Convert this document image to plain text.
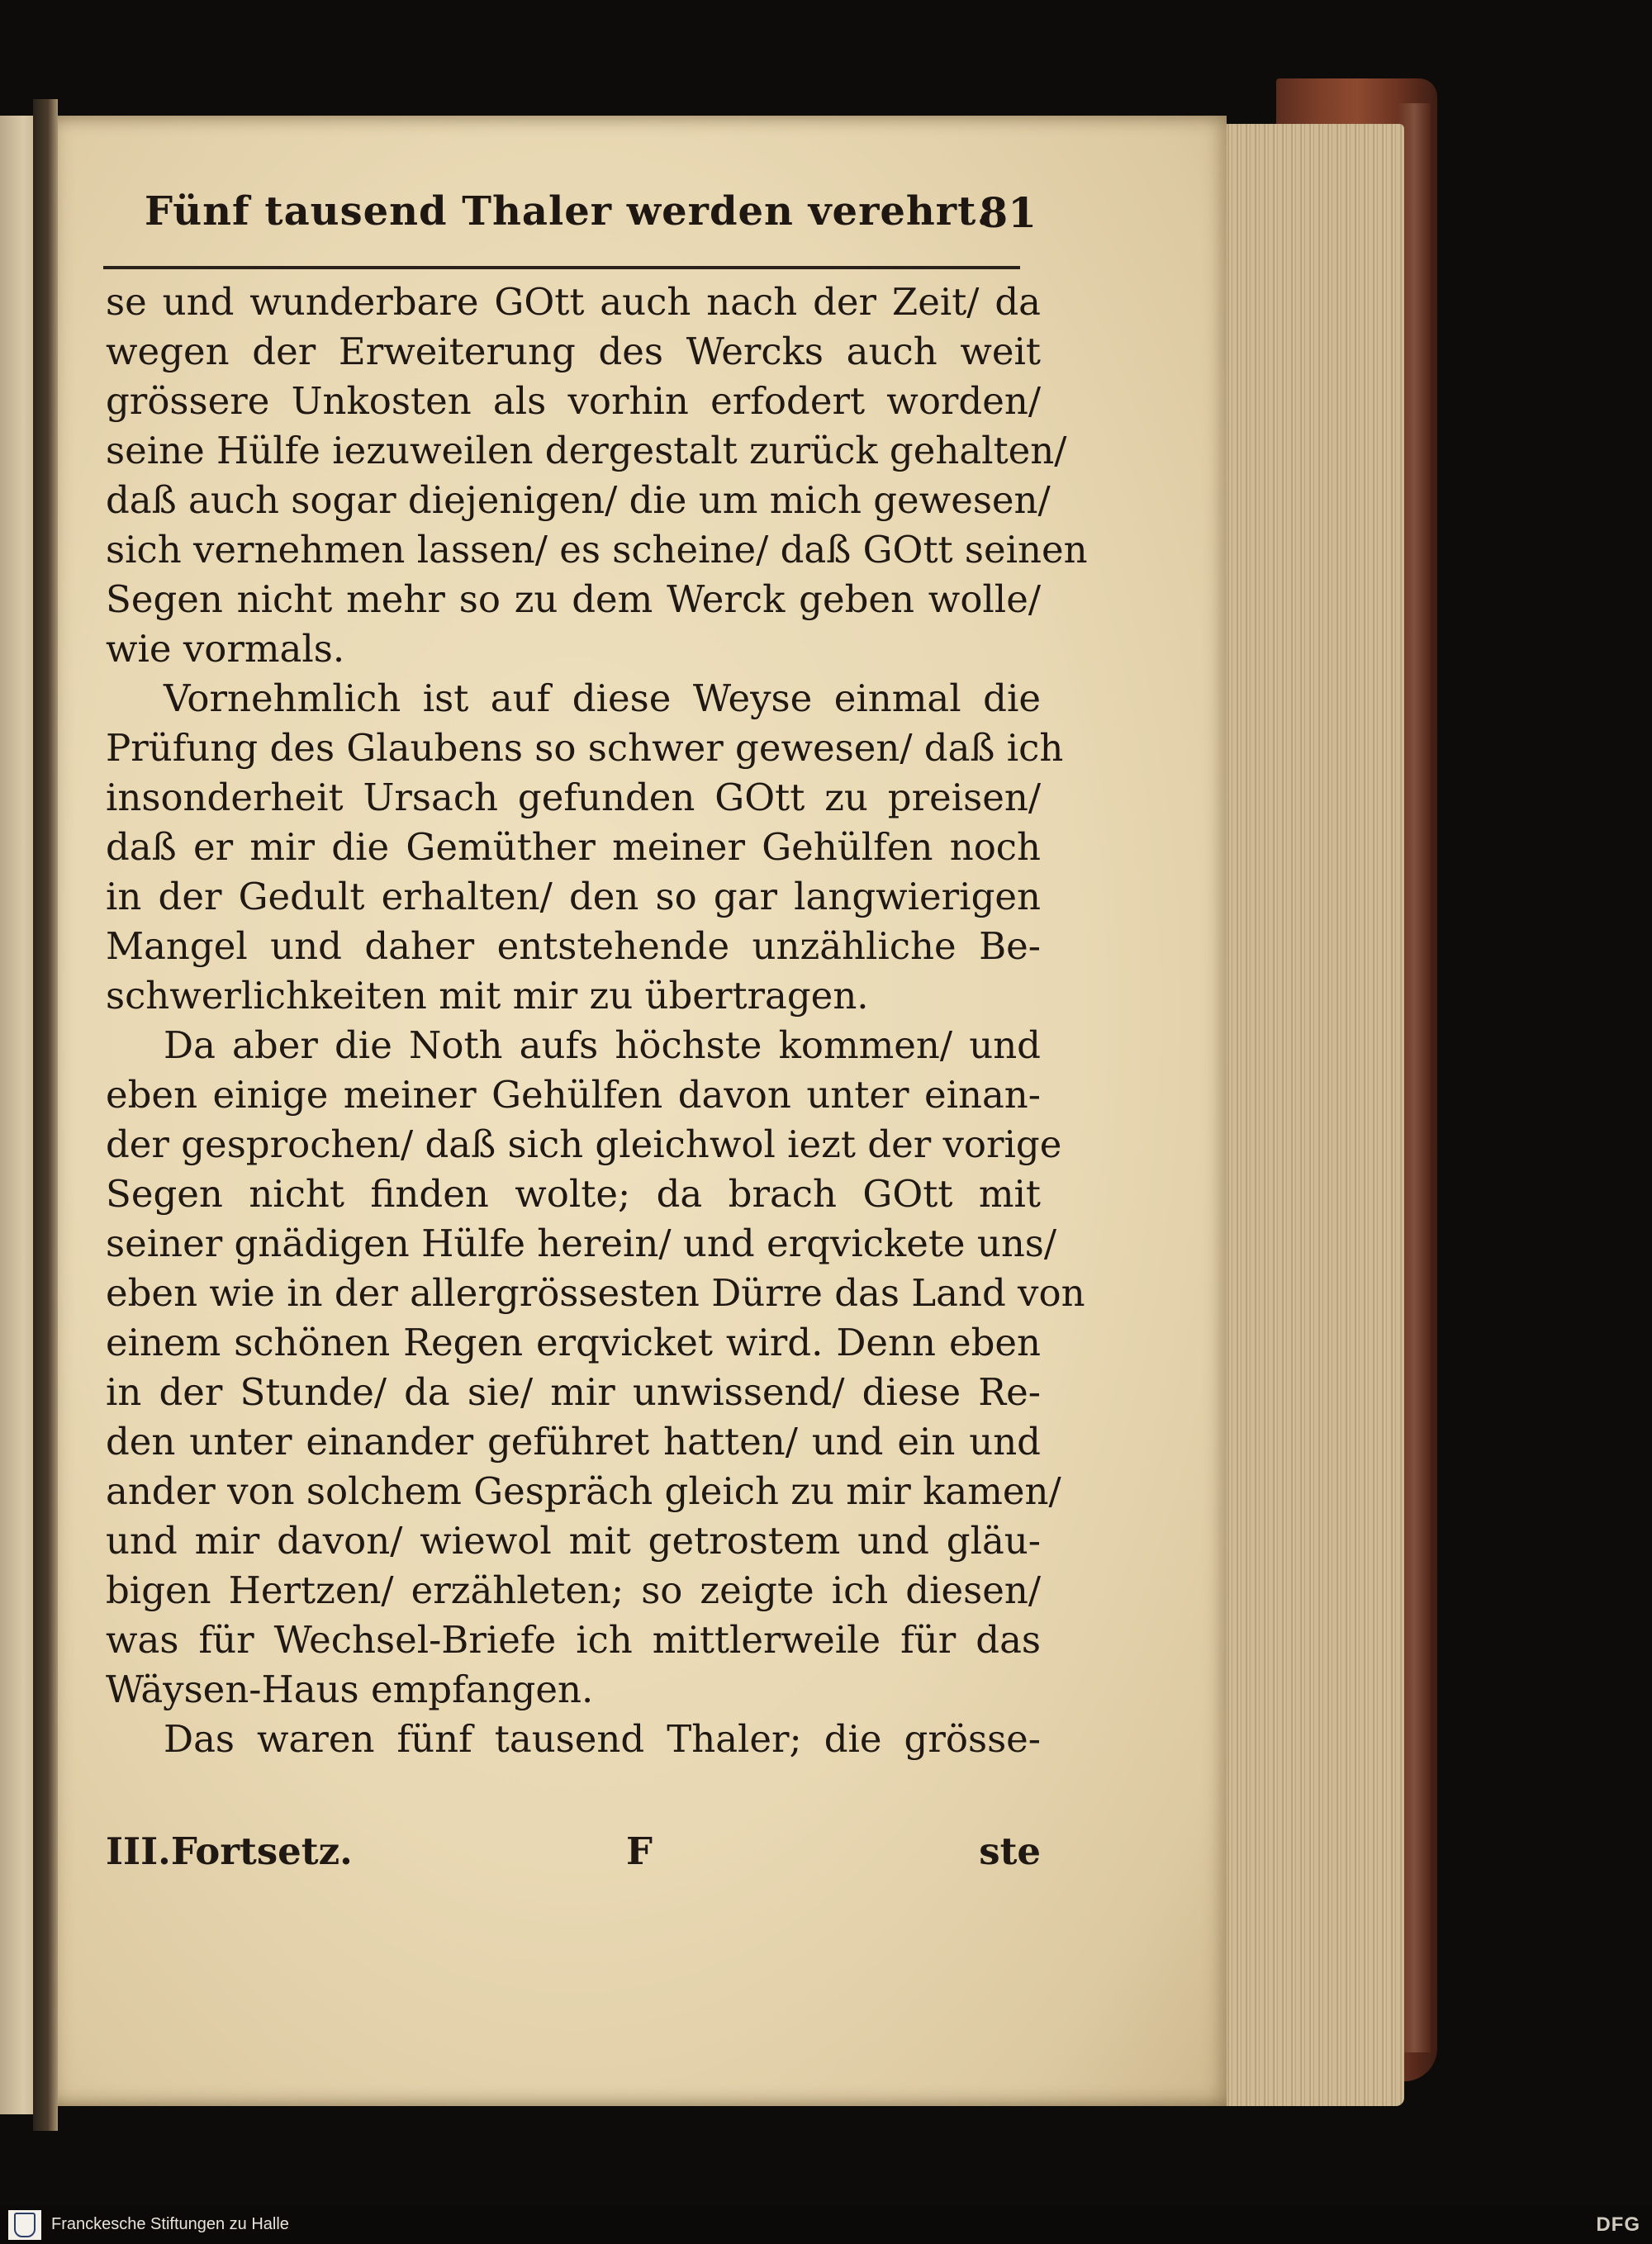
Fünf tausend Thaler werden verehrt.
81
se und wunderbare GOtt auch nach der Zeit/ da
wegen der Erweiterung des Wercks auch weit
grössere Unkosten als vorhin erfodert worden/
seine Hülfe iezuweilen dergestalt zurück gehalten/
daß auch sogar diejenigen/ die um mich gewesen/
sich vernehmen lassen/ es scheine/ daß GOtt seinen
Segen nicht mehr so zu dem Werck geben wolle/
wie vormals.
Vornehmlich ist auf diese Weyse einmal die
Prüfung des Glaubens so schwer gewesen/ daß ich
insonderheit Ursach gefunden GOtt zu preisen/
daß er mir die Gemüther meiner Gehülfen noch
in der Gedult erhalten/ den so gar langwierigen
Mangel und daher entstehende unzähliche Be-
schwerlichkeiten mit mir zu übertragen.
Da aber die Noth aufs höchste kommen/ und
eben einige meiner Gehülfen davon unter einan-
der gesprochen/ daß sich gleichwol iezt der vorige
Segen nicht finden wolte; da brach GOtt mit
seiner gnädigen Hülfe herein/ und erqvickete uns/
eben wie in der allergrössesten Dürre das Land von
einem schönen Regen erqvicket wird. Denn eben
in der Stunde/ da sie/ mir unwissend/ diese Re-
den unter einander geführet hatten/ und ein und
ander von solchem Gespräch gleich zu mir kamen/
und mir davon/ wiewol mit getrostem und gläu-
bigen Hertzen/ erzähleten; so zeigte ich diesen/
was für Wechsel-Briefe ich mittlerweile für das
Wäysen-Haus empfangen.
Das waren fünf tausend Thaler; die grösse-
III.Fortsetz.	F	ste
Franckesche Stiftungen zu Halle	DFG
